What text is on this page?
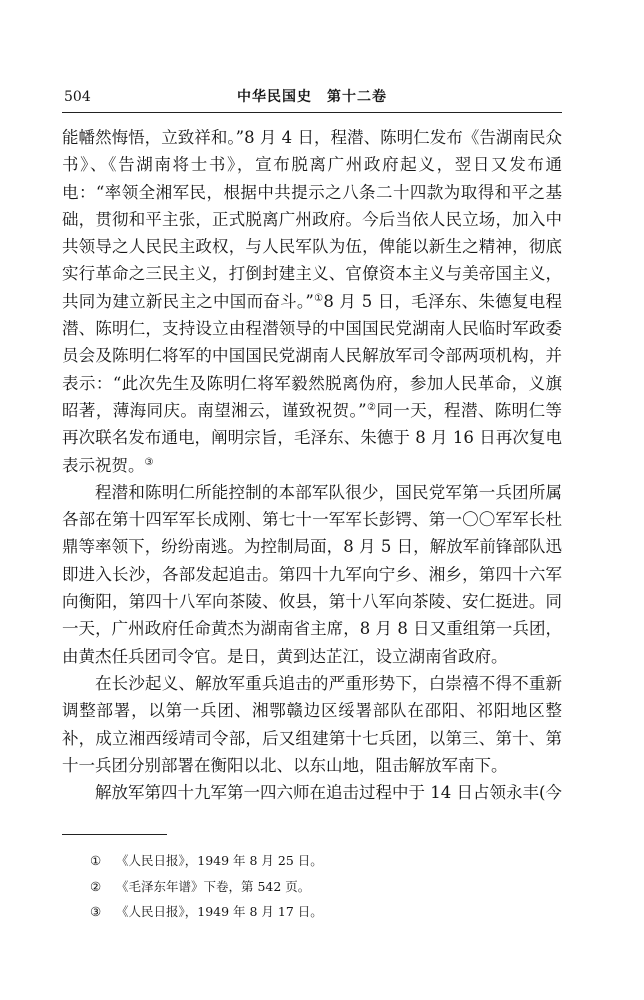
504	中华民国史　第十二卷

能幡然悔悟，立致祥和。”8 月 4 日，程潜、陈明仁发布《告湖南民众书》、《告湖南将士书》，宣布脱离广州政府起义，翌日又发布通电：“率领全湘军民，根据中共提示之八条二十四款为取得和平之基础，贯彻和平主张，正式脱离广州政府。今后当依人民立场，加入中共领导之人民民主政权，与人民军队为伍，俾能以新生之精神，彻底实行革命之三民主义，打倒封建主义、官僚资本主义与美帝国主义，共同为建立新民主之中国而奋斗。”①8 月 5 日，毛泽东、朱德复电程潜、陈明仁，支持设立由程潜领导的中国国民党湖南人民临时军政委员会及陈明仁将军的中国国民党湖南人民解放军司令部两项机构，并表示：“此次先生及陈明仁将军毅然脱离伪府，参加人民革命，义旗昭著，薄海同庆。南望湘云，谨致祝贺。”②同一天，程潜、陈明仁等再次联名发布通电，阐明宗旨，毛泽东、朱德于 8 月 16 日再次复电表示祝贺。③

程潜和陈明仁所能控制的本部军队很少，国民党军第一兵团所属各部在第十四军军长成刚、第七十一军军长彭锷、第一〇〇军军长杜鼎等率领下，纷纷南逃。为控制局面，8 月 5 日，解放军前锋部队迅即进入长沙，各部发起追击。第四十九军向宁乡、湘乡，第四十六军向衡阳，第四十八军向茶陵、攸县，第十八军向茶陵、安仁挺进。同一天，广州政府任命黄杰为湖南省主席，8 月 8 日又重组第一兵团，由黄杰任兵团司令官。是日，黄到达芷江，设立湖南省政府。

在长沙起义、解放军重兵追击的严重形势下，白崇禧不得不重新调整部署，以第一兵团、湘鄂赣边区绥署部队在邵阳、祁阳地区整补，成立湘西绥靖司令部，后又组建第十七兵团，以第三、第十、第十一兵团分别部署在衡阳以北、以东山地，阻击解放军南下。

解放军第四十九军第一四六师在追击过程中于 14 日占领永丰(今

① 《人民日报》，1949 年 8 月 25 日。
② 《毛泽东年谱》下卷，第 542 页。
③ 《人民日报》，1949 年 8 月 17 日。
